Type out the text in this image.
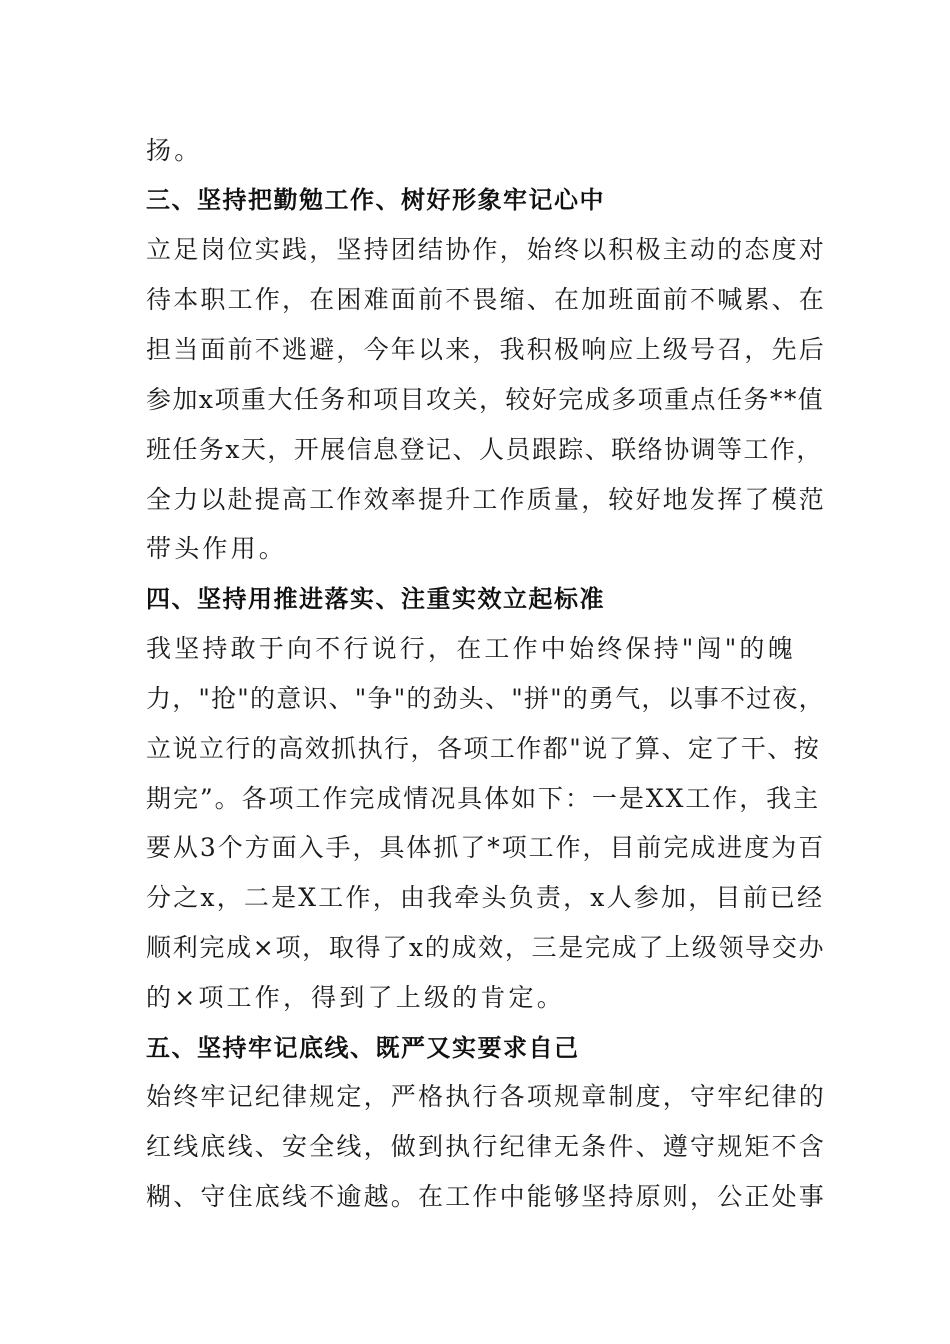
扬。
三、坚持把勤勉工作、树好形象牢记心中
立足岗位实践，坚持团结协作，始终以积极主动的态度对
待本职工作，在困难面前不畏缩、在加班面前不喊累、在
担当面前不逃避，今年以来，我积极响应上级号召，先后
参加x项重大任务和项目攻关，较好完成多项重点任务**值
班任务x天，开展信息登记、人员跟踪、联络协调等工作，
全力以赴提高工作效率提升工作质量，较好地发挥了模范
带头作用。
四、坚持用推进落实、注重实效立起标准
我坚持敢于向不行说行，在工作中始终保持"闯"的魄
力，"抢"的意识、"争"的劲头、"拼"的勇气，以事不过夜，
立说立行的高效抓执行，各项工作都"说了算、定了干、按
期完”。各项工作完成情况具体如下：一是XX工作，我主
要从3个方面入手，具体抓了*项工作，目前完成进度为百
分之x，二是X工作，由我牵头负责，x人参加，目前已经
顺利完成×项，取得了x的成效，三是完成了上级领导交办
的×项工作，得到了上级的肯定。
五、坚持牢记底线、既严又实要求自己
始终牢记纪律规定，严格执行各项规章制度，守牢纪律的
红线底线、安全线，做到执行纪律无条件、遵守规矩不含
糊、守住底线不逾越。在工作中能够坚持原则，公正处事
